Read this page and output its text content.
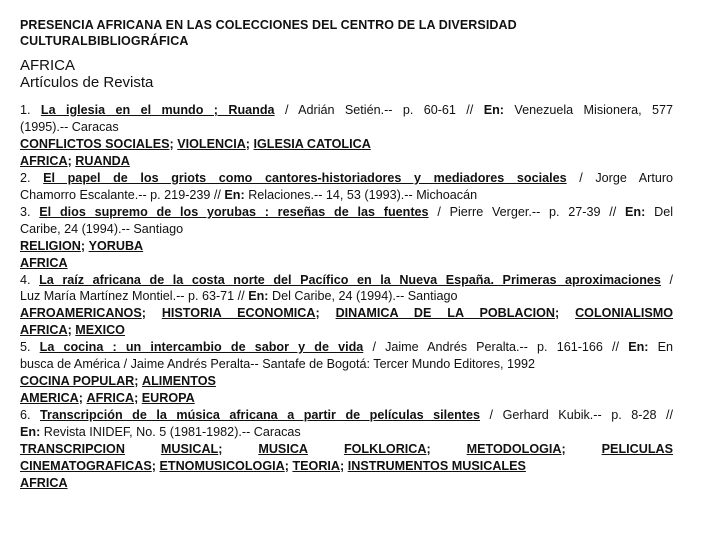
PRESENCIA AFRICANA EN LAS COLECCIONES DEL CENTRO DE LA DIVERSIDAD
CULTURALBIBLIOGRÁFICA
AFRICA
Artículos de Revista
1. La iglesia en el mundo ; Ruanda / Adrián Setién.-- p. 60-61 // En: Venezuela Misionera, 577
(1995).-- Caracas
CONFLICTOS SOCIALES; VIOLENCIA; IGLESIA CATOLICA
AFRICA; RUANDA
2. El papel de los griots como cantores-historiadores y mediadores sociales / Jorge Arturo
Chamorro Escalante.-- p. 219-239 // En: Relaciones.-- 14, 53 (1993).-- Michoacán
3. El dios supremo de los yorubas : reseñas de las fuentes / Pierre Verger.-- p. 27-39 // En: Del
Caribe, 24 (1994).-- Santiago
RELIGION; YORUBA
AFRICA
4. La raíz africana de la costa norte del Pacífico en la Nueva España. Primeras aproximaciones /
Luz María Martínez Montiel.-- p. 63-71 // En: Del Caribe, 24 (1994).-- Santiago
AFROAMERICANOS; HISTORIA ECONOMICA; DINAMICA DE LA POBLACION; COLONIALISMO
AFRICA; MEXICO
5. La cocina : un intercambio de sabor y de vida / Jaime Andrés Peralta.-- p. 161-166 // En: En
busca de América / Jaime Andrés Peralta-- Santafe de Bogotá: Tercer Mundo Editores, 1992
COCINA POPULAR; ALIMENTOS
AMERICA; AFRICA; EUROPA
6. Transcripción de la música africana a partir de películas silentes / Gerhard Kubik.-- p. 8-28 //
En: Revista INIDEF, No. 5 (1981-1982).-- Caracas
TRANSCRIPCION	MUSICAL;	MUSICA	FOLKLORICA;	METODOLOGIA;	PELICULAS
CINEMATOGRAFICAS; ETNOMUSICOLOGIA; TEORIA; INSTRUMENTOS MUSICALES
AFRICA
